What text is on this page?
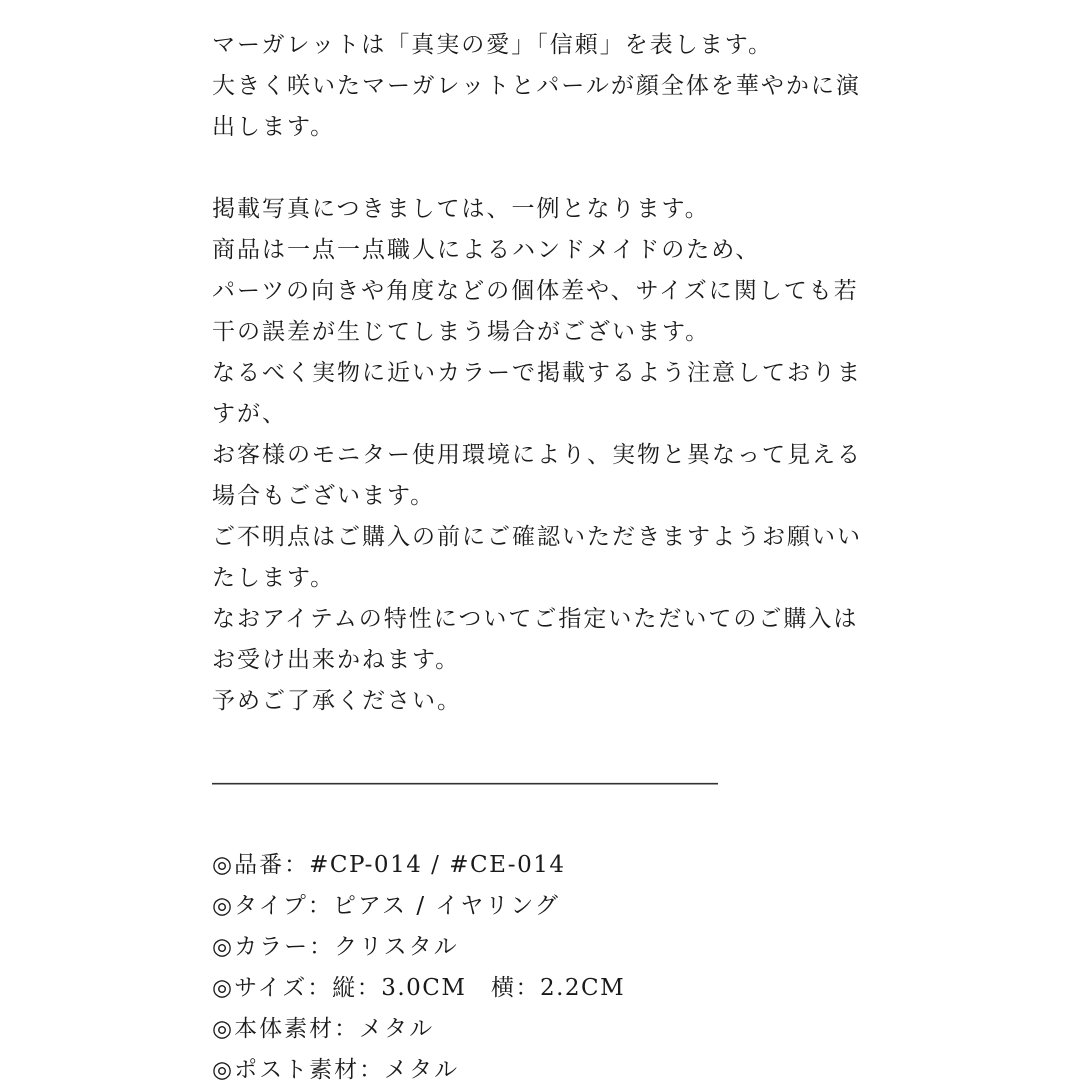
マーガレットは「真実の愛」「信頼」を表します。
大きく咲いたマーガレットとパールが顔全体を華やかに演
出します。
掲載写真につきましては、一例となります。
商品は一点一点職人によるハンドメイドのため、
パーツの向きや角度などの個体差や、サイズに関しても若
干の誤差が生じてしまう場合がございます。
なるべく実物に近いカラーで掲載するよう注意しておりま
すが、
お客様のモニター使用環境により、実物と異なって見える
場合もございます。
ご不明点はご購入の前にご確認いただきますようお願いい
たします。
なおアイテムの特性についてご指定いただいてのご購入は
お受け出来かねます。
予めご了承ください。
――――――――――――――――――――――
◎品番：#CP-014 / #CE-014
◎タイプ：ピアス / イヤリング
◎カラー：クリスタル
◎サイズ：縦：3.0CM　横：2.2CM
◎本体素材：メタル
◎ポスト素材：メタル
